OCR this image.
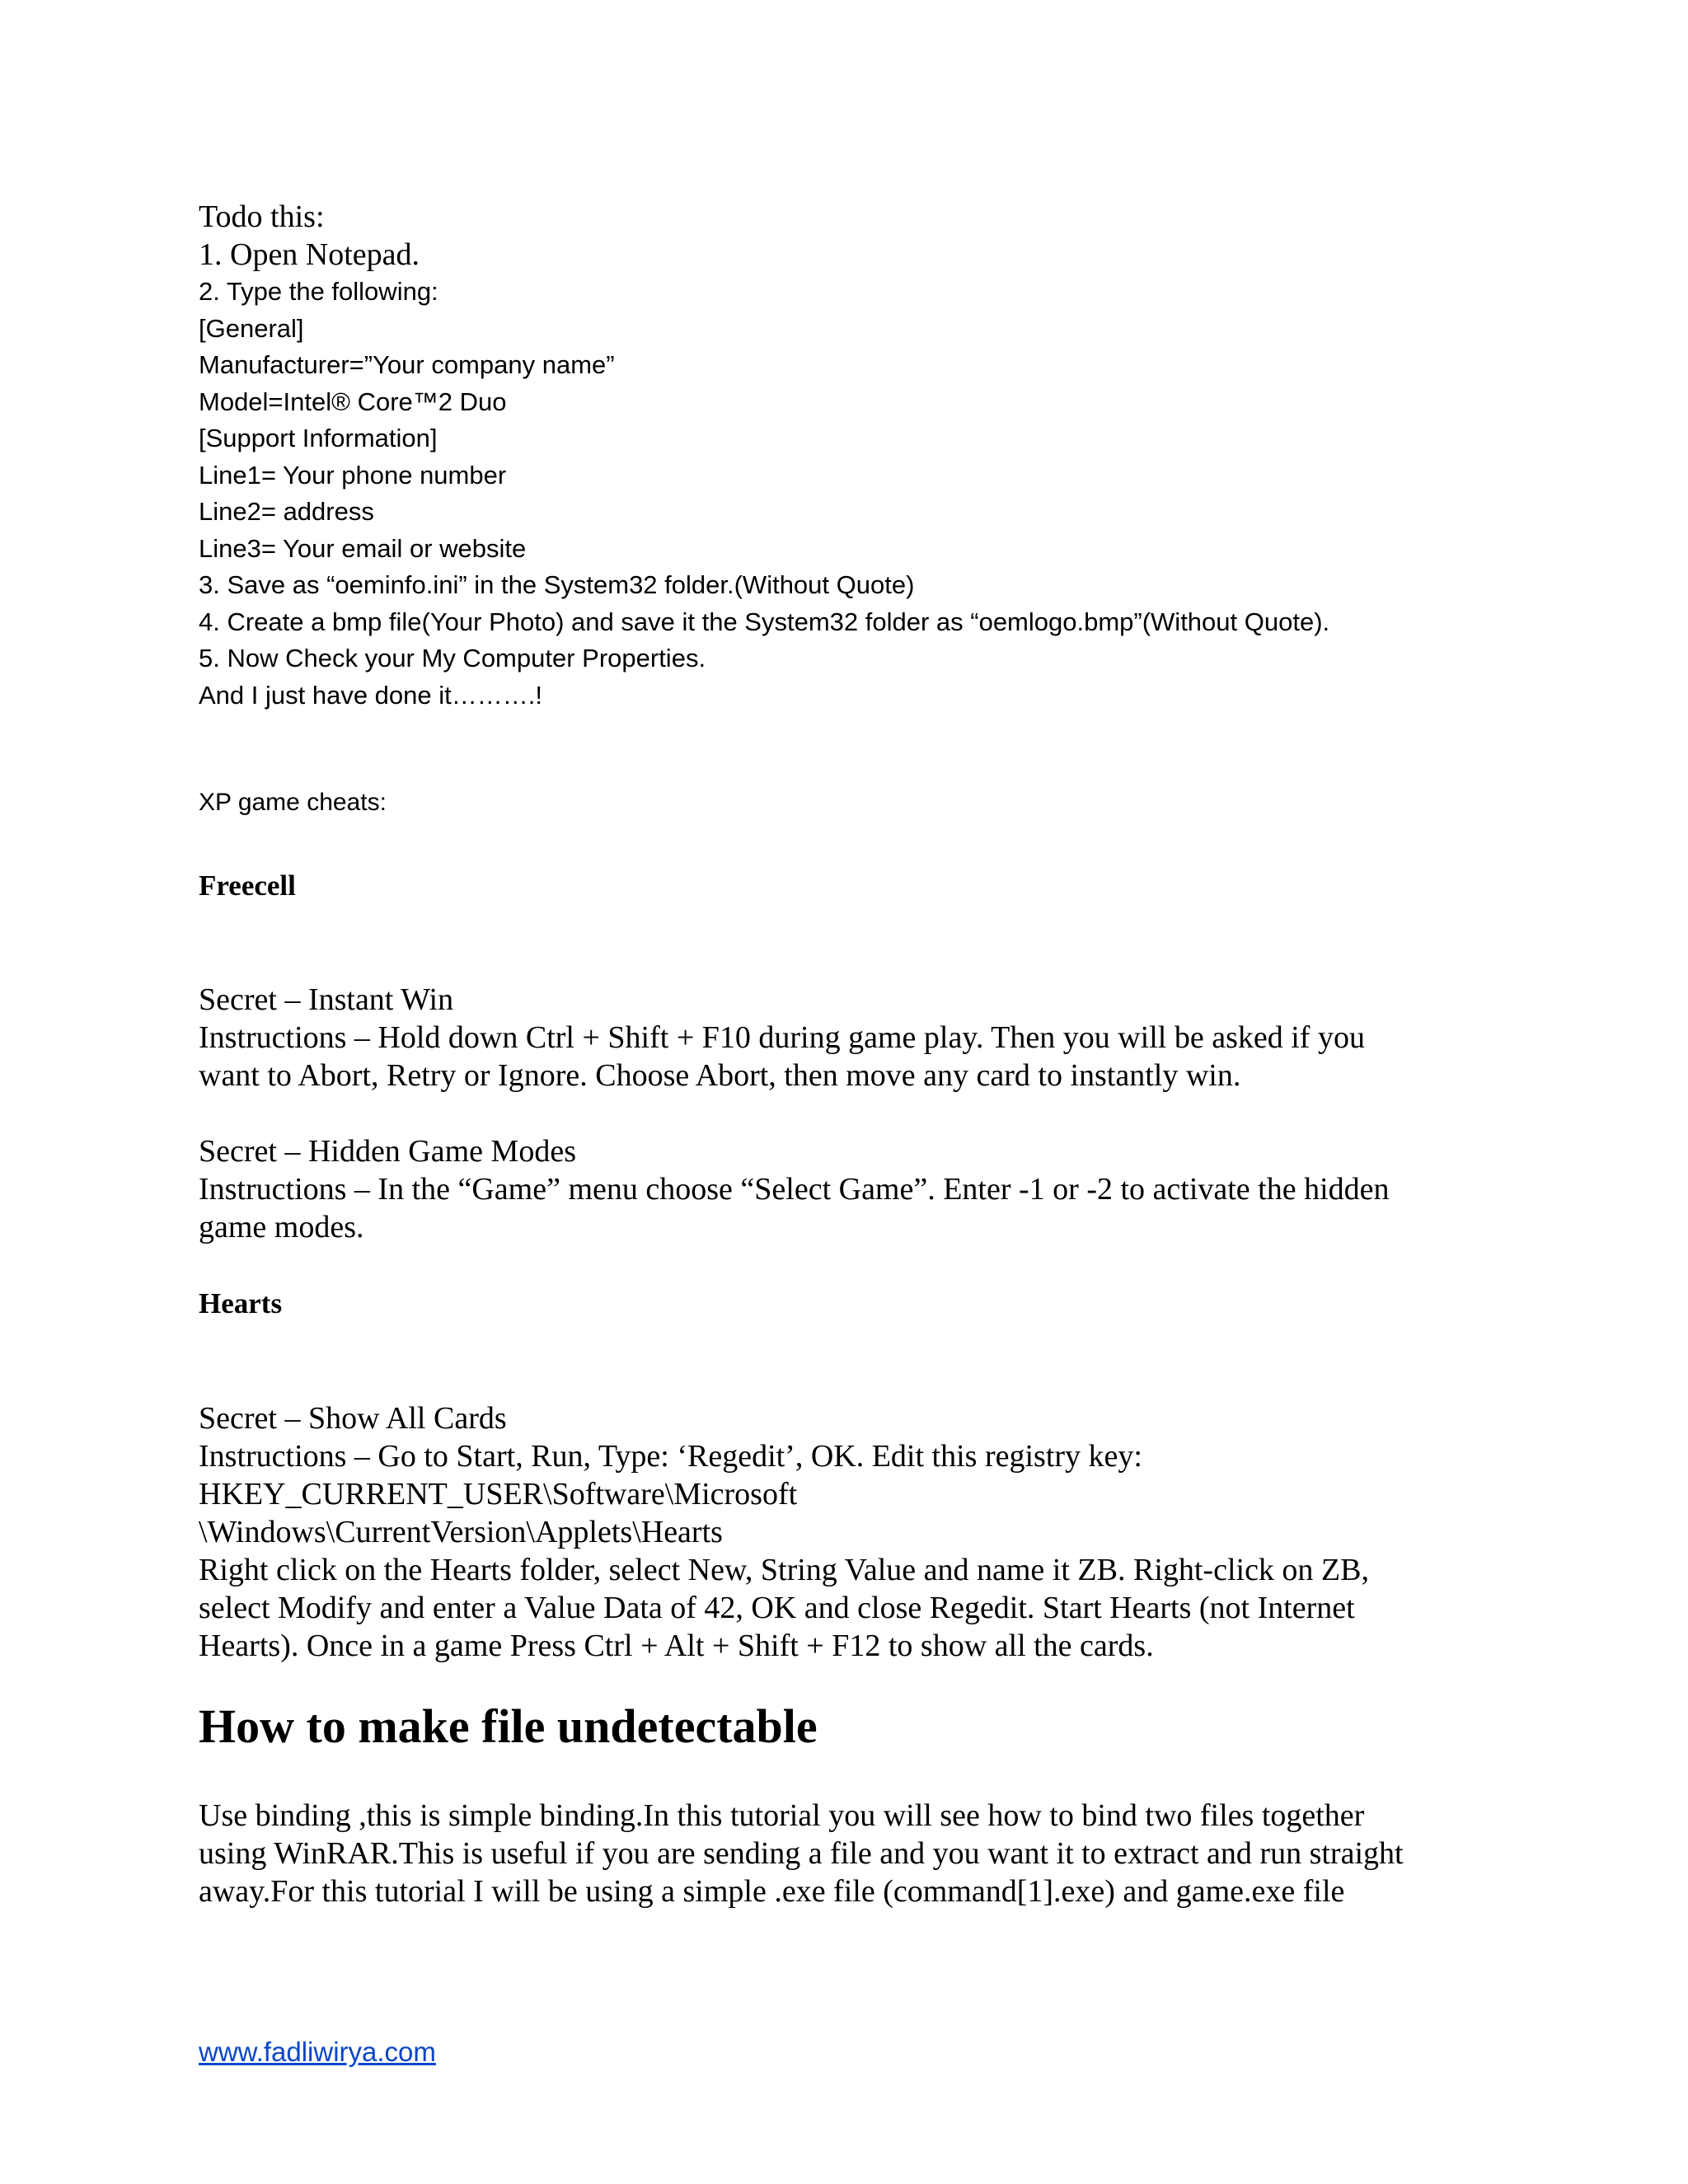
Todo this:

1. Open Notepad.

2. Type the following:

[General]

Manufacturer=”Your company name”

Model=Intel® Core™2 Duo

[Support Information]

Line1= Your phone number

Line2= address

Line3= Your email or website

3. Save as “oeminfo.ini” in the System32 folder.(Without Quote)

4. Create a bmp file(Your Photo) and save it the System32 folder as “oemlogo.bmp”(Without Quote).

5. Now Check your My Computer Properties.

And I just have done it……….!

XP game cheats:

Freecell

Secret – Instant Win

Instructions – Hold down Ctrl + Shift + F10 during game play. Then you will be asked if you

want to Abort, Retry or Ignore. Choose Abort, then move any card to instantly win.

Secret – Hidden Game Modes

Instructions – In the “Game” menu choose “Select Game”. Enter -1 or -2 to activate the hidden

game modes.

Hearts

Secret – Show All Cards

Instructions – Go to Start, Run, Type: ‘Regedit’, OK. Edit this registry key:

HKEY_CURRENT_USER\Software\Microsoft

\Windows\CurrentVersion\Applets\Hearts

Right click on the Hearts folder, select New, String Value and name it ZB. Right-click on ZB,

select Modify and enter a Value Data of 42, OK and close Regedit. Start Hearts (not Internet

Hearts). Once in a game Press Ctrl + Alt + Shift + F12 to show all the cards.

How to make file undetectable

Use binding ,this is simple binding.In this tutorial you will see how to bind two files together

using WinRAR.This is useful if you are sending a file and you want it to extract and run straight

away.For this tutorial I will be using a simple .exe file (command[1].exe) and game.exe file

www.fadliwirya.com
